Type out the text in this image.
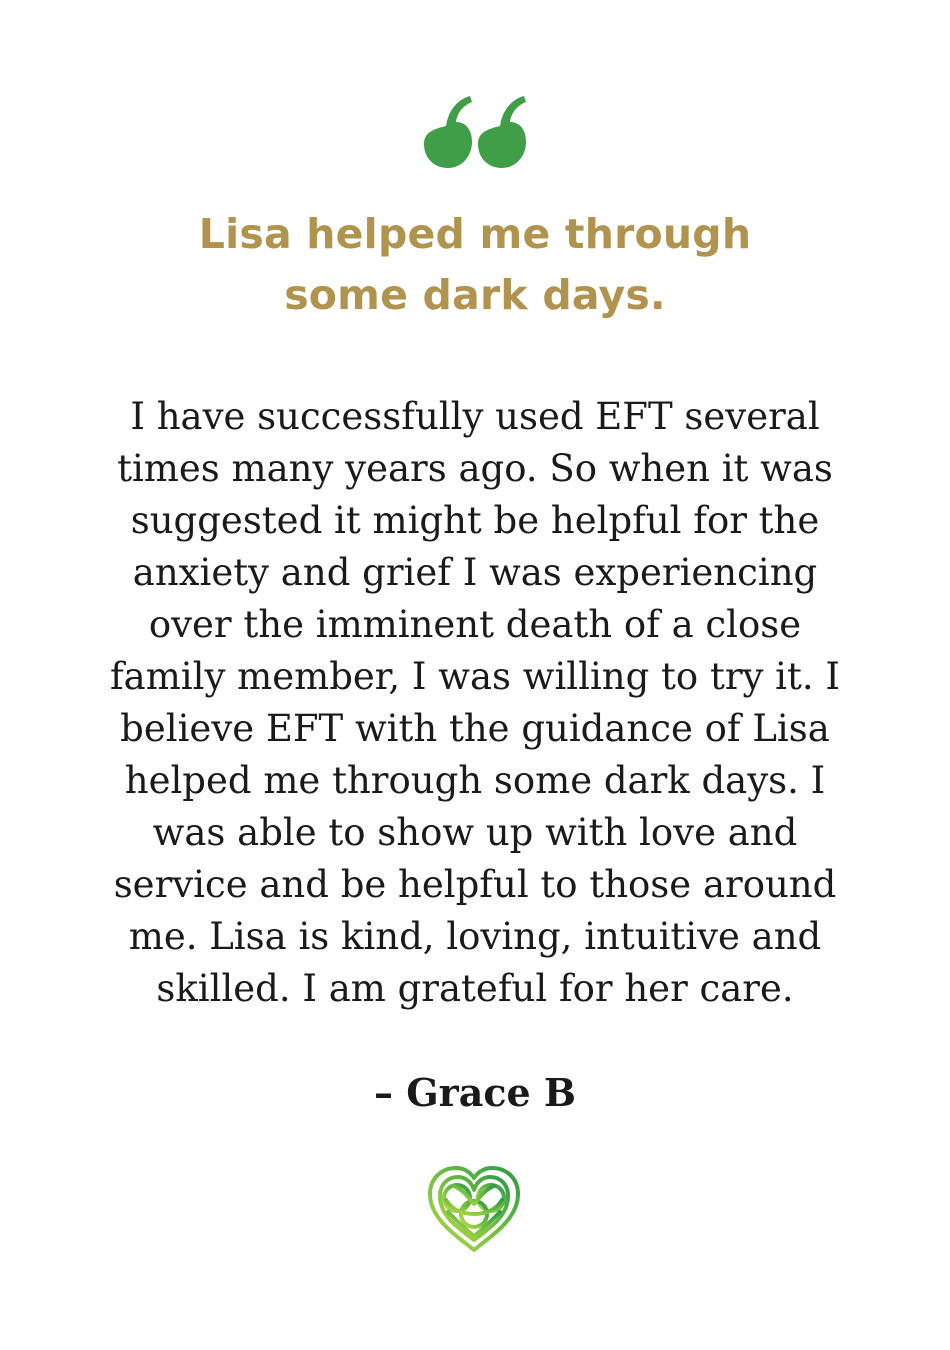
Lisa helped me through
some dark days.
I have successfully used EFT several
times many years ago. So when it was
suggested it might be helpful for the
anxiety and grief I was experiencing
over the imminent death of a close
family member, I was willing to try it. I
believe EFT with the guidance of Lisa
helped me through some dark days. I
was able to show up with love and
service and be helpful to those around
me. Lisa is kind, loving, intuitive and
skilled. I am grateful for her care.

– Grace B
